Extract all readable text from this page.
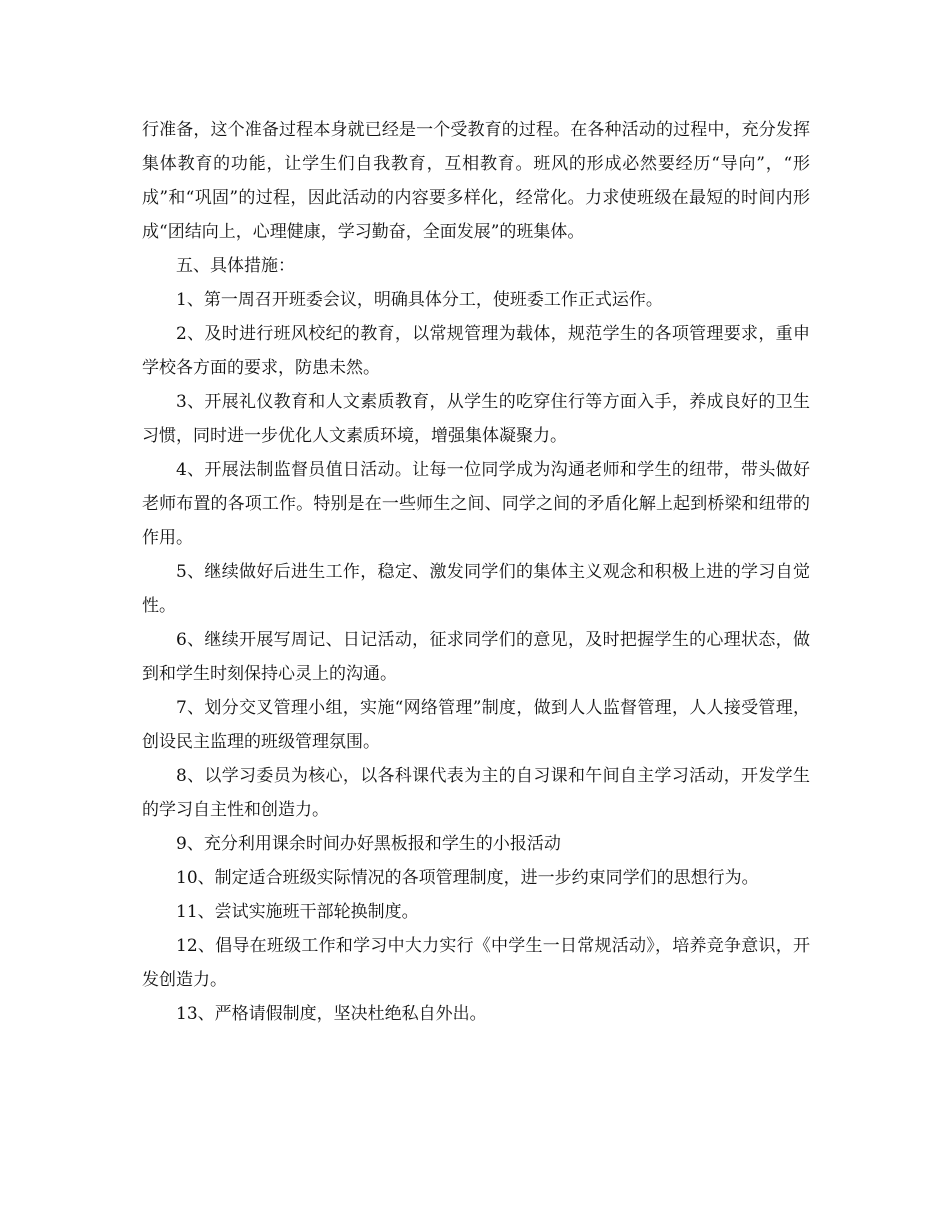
行准备，这个准备过程本身就已经是一个受教育的过程。在各种活动的过程中，充分发挥集体教育的功能，让学生们自我教育，互相教育。班风的形成必然要经历“导向”，“形成”和“巩固”的过程，因此活动的内容要多样化，经常化。力求使班级在最短的时间内形成“团结向上，心理健康，学习勤奋，全面发展”的班集体。

五、具体措施：

1、第一周召开班委会议，明确具体分工，使班委工作正式运作。

2、及时进行班风校纪的教育，以常规管理为载体，规范学生的各项管理要求，重申学校各方面的要求，防患未然。

3、开展礼仪教育和人文素质教育，从学生的吃穿住行等方面入手，养成良好的卫生习惯，同时进一步优化人文素质环境，增强集体凝聚力。

4、开展法制监督员值日活动。让每一位同学成为沟通老师和学生的纽带，带头做好老师布置的各项工作。特别是在一些师生之间、同学之间的矛盾化解上起到桥梁和纽带的作用。

5、继续做好后进生工作，稳定、激发同学们的集体主义观念和积极上进的学习自觉性。

6、继续开展写周记、日记活动，征求同学们的意见，及时把握学生的心理状态，做到和学生时刻保持心灵上的沟通。

7、划分交叉管理小组，实施“网络管理”制度，做到人人监督管理，人人接受管理，创设民主监理的班级管理氛围。

8、以学习委员为核心，以各科课代表为主的自习课和午间自主学习活动，开发学生的学习自主性和创造力。

9、充分利用课余时间办好黑板报和学生的小报活动

10、制定适合班级实际情况的各项管理制度，进一步约束同学们的思想行为。

11、尝试实施班干部轮换制度。

12、倡导在班级工作和学习中大力实行《中学生一日常规活动》，培养竞争意识，开发创造力。

13、严格请假制度，坚决杜绝私自外出。
